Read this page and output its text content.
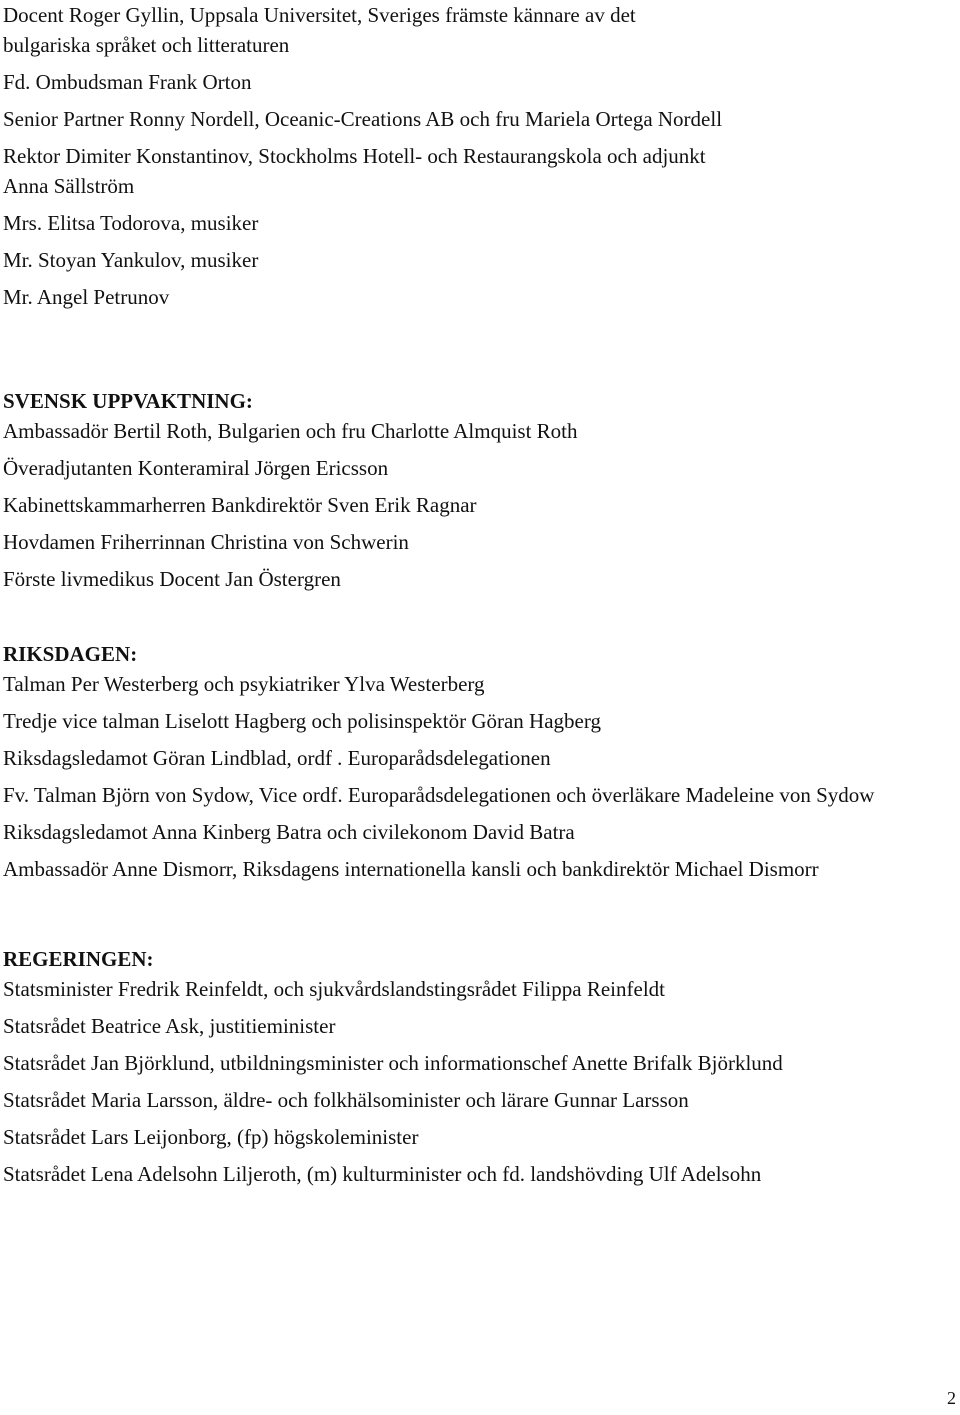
Docent Roger Gyllin, Uppsala Universitet, Sveriges främste kännare av det

bulgariska språket och litteraturen

Fd. Ombudsman Frank Orton

Senior Partner Ronny Nordell, Oceanic-Creations AB och fru Mariela Ortega Nordell

Rektor Dimiter Konstantinov, Stockholms Hotell- och Restaurangskola och adjunkt

Anna Sällström

Mrs. Elitsa Todorova, musiker

Mr. Stoyan Yankulov, musiker

Mr. Angel Petrunov

SVENSK UPPVAKTNING:

Ambassadör Bertil Roth, Bulgarien och fru Charlotte Almquist Roth

Överadjutanten Konteramiral Jörgen Ericsson

Kabinettskammarherren Bankdirektör Sven Erik Ragnar

Hovdamen Friherrinnan Christina von Schwerin

Förste livmedikus Docent Jan Östergren

RIKSDAGEN:

Talman Per Westerberg och psykiatriker Ylva Westerberg

Tredje vice talman Liselott Hagberg och polisinspektör Göran Hagberg

Riksdagsledamot Göran Lindblad, ordf . Europarådsdelegationen

Fv. Talman Björn von Sydow, Vice ordf. Europarådsdelegationen och överläkare Madeleine von Sydow

Riksdagsledamot Anna Kinberg Batra och civilekonom David Batra

Ambassadör Anne Dismorr, Riksdagens internationella kansli och bankdirektör Michael Dismorr

REGERINGEN:

Statsminister Fredrik Reinfeldt, och sjukvårdslandstingsrådet Filippa Reinfeldt

Statsrådet Beatrice Ask, justitieminister

Statsrådet Jan Björklund, utbildningsminister och informationschef Anette Brifalk Björklund

Statsrådet Maria Larsson, äldre- och folkhälsominister och lärare Gunnar Larsson

Statsrådet Lars Leijonborg, (fp) högskoleminister

Statsrådet Lena Adelsohn Liljeroth, (m) kulturminister och fd. landshövding Ulf Adelsohn

2
